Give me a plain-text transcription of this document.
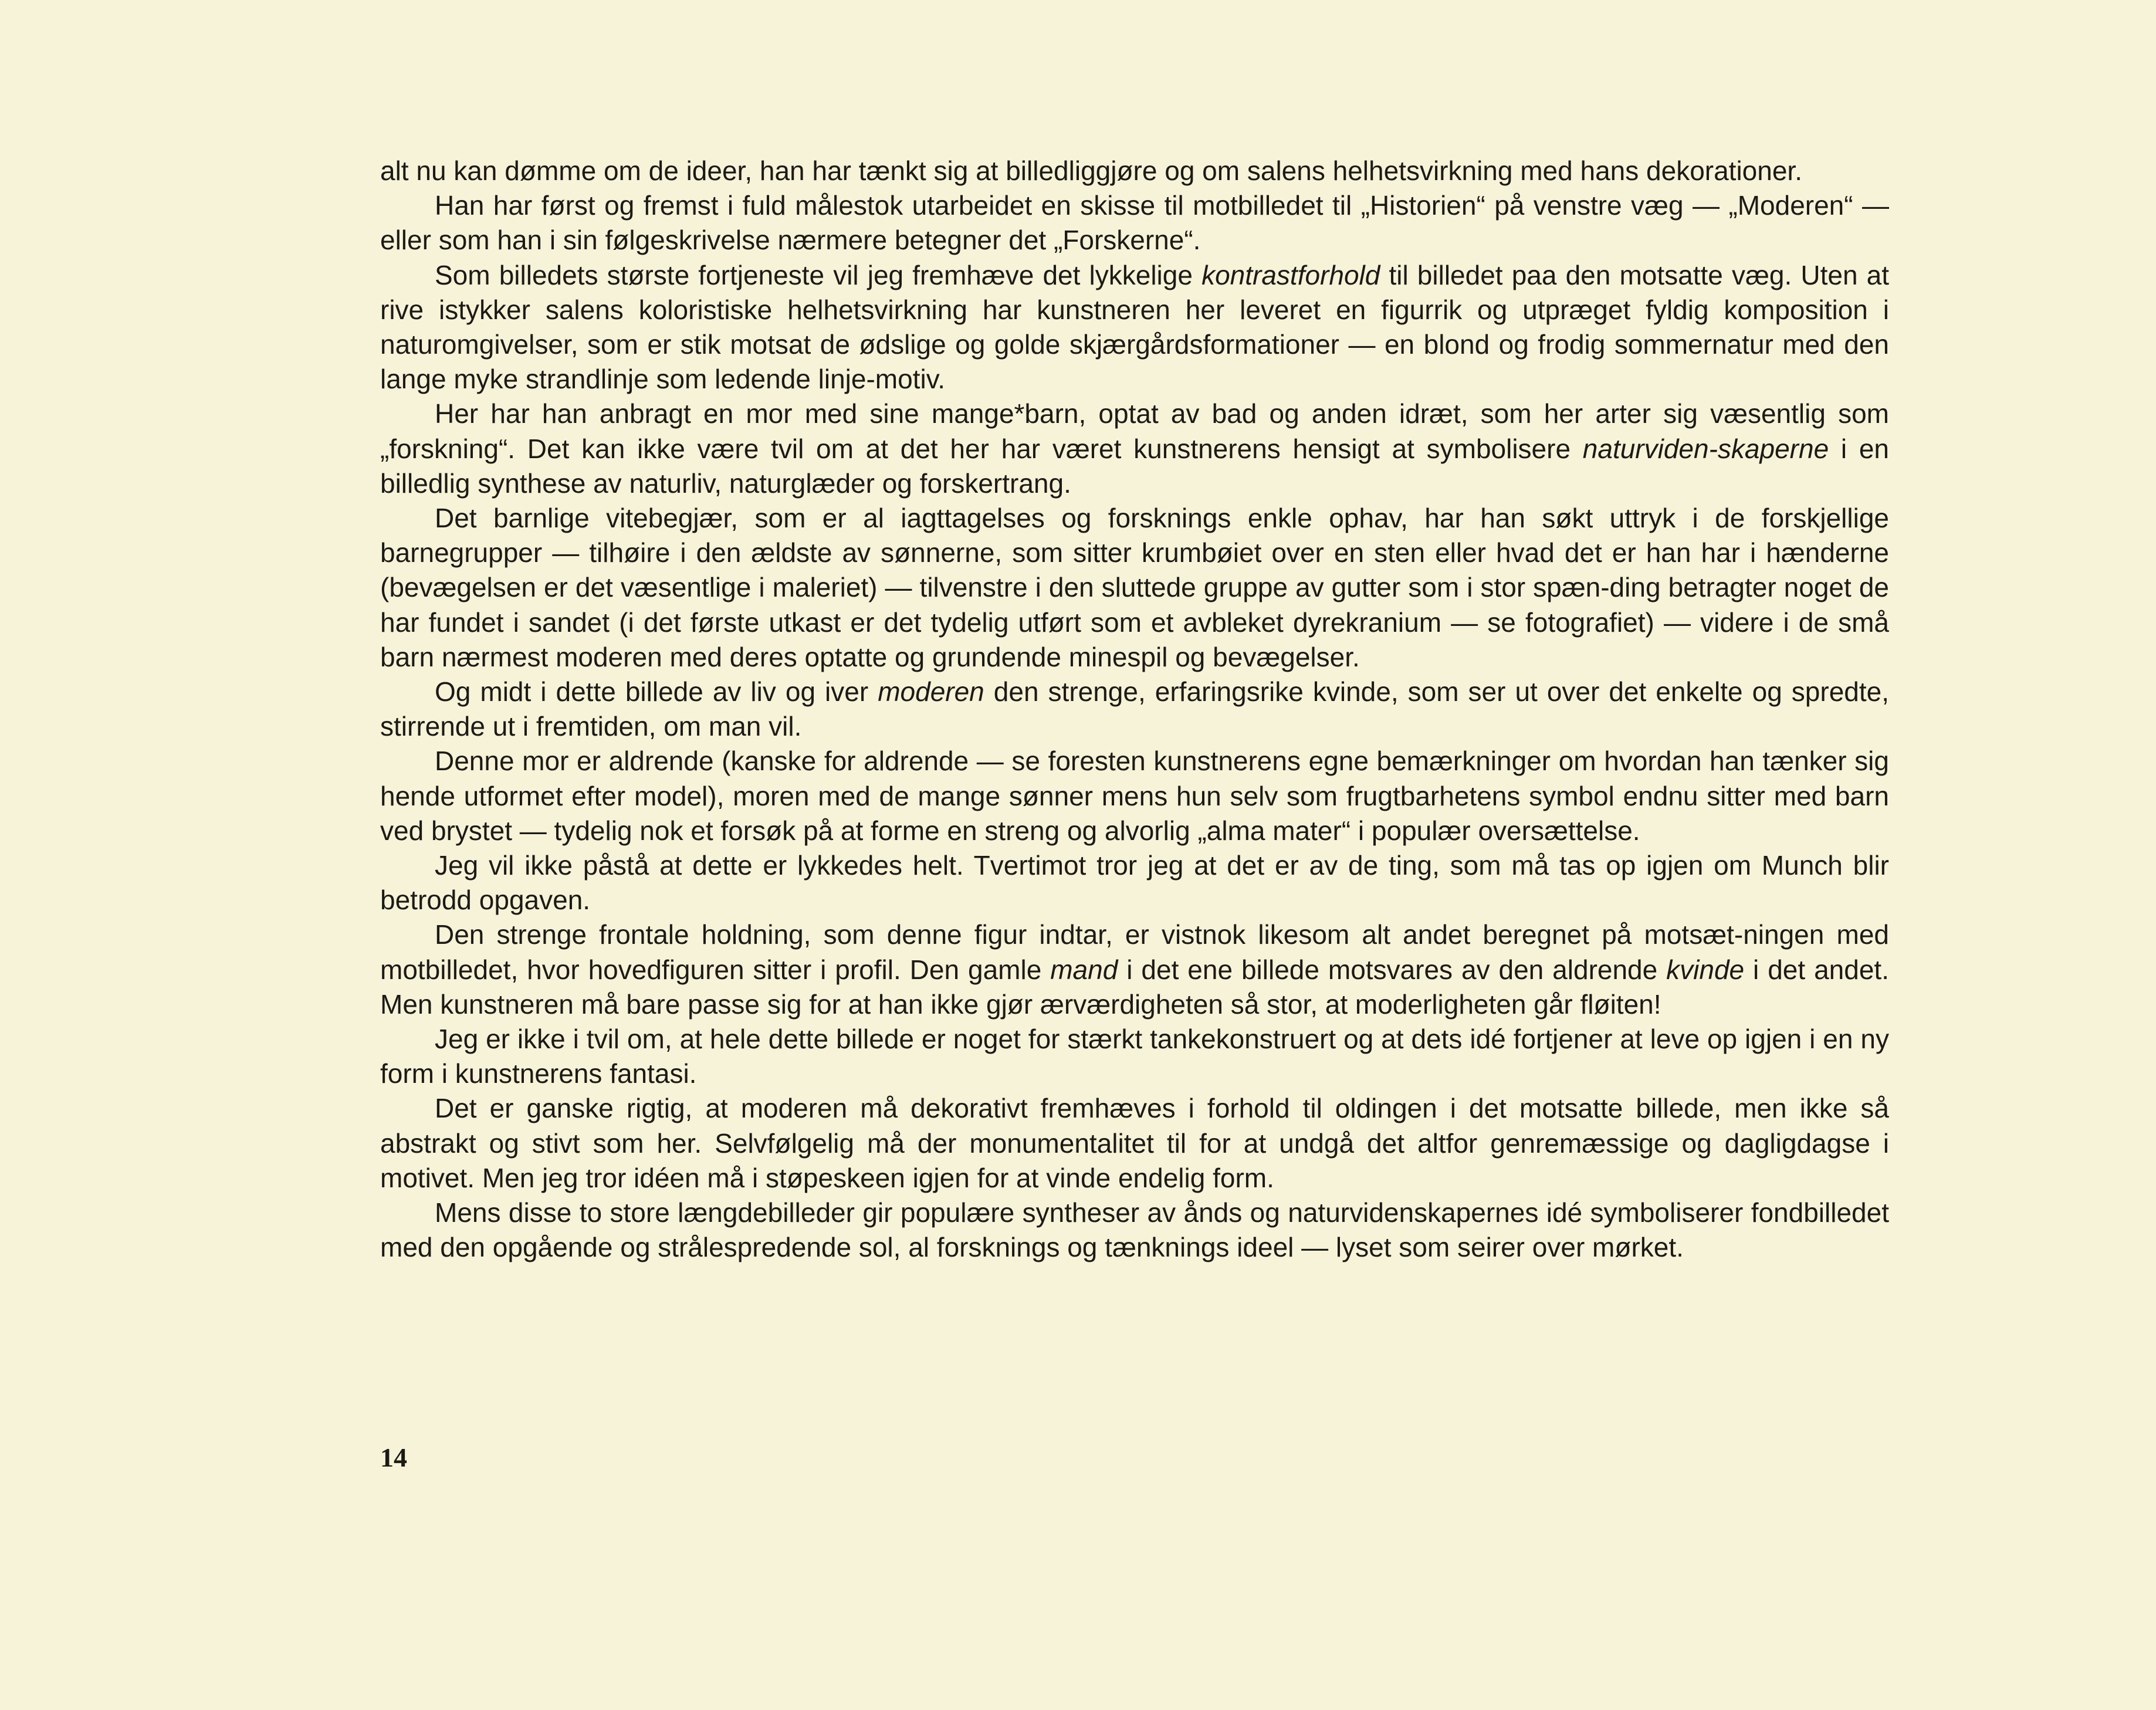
alt nu kan dømme om de ideer, han har tænkt sig at billedliggjøre og om salens helhetsvirkning med hans dekorationer.

Han har først og fremst i fuld målestok utarbeidet en skisse til motbilledet til „Historien“ på venstre væg — „Moderen“ — eller som han i sin følgeskrivelse nærmere betegner det „Forskerne“.

Som billedets største fortjeneste vil jeg fremhæve det lykkelige kontrastforhold til billedet paa den motsatte væg. Uten at rive istykker salens koloristiske helhetsvirkning har kunstneren her leveret en figurrik og utpræget fyldig komposition i naturomgivelser, som er stik motsat de ødslige og golde skjærgårdsformationer — en blond og frodig sommernatur med den lange myke strandlinje som ledende linje-motiv.

Her har han anbragt en mor med sine mange*barn, optat av bad og anden idræt, som her arter sig væsentlig som „forskning“. Det kan ikke være tvil om at det her har været kunstnerens hensigt at symbolisere naturviden-skaperne i en billedlig synthese av naturliv, naturglæder og forskertrang.

Det barnlige vitebegjær, som er al iagttagelses og forsknings enkle ophav, har han søkt uttryk i de forskjellige barnegrupper — tilhøire i den ældste av sønnerne, som sitter krumbøiet over en sten eller hvad det er han har i hænderne (bevægelsen er det væsentlige i maleriet) — tilvenstre i den sluttede gruppe av gutter som i stor spæn-ding betragter noget de har fundet i sandet (i det første utkast er det tydelig utført som et avbleket dyrekranium — se fotografiet) — videre i de små barn nærmest moderen med deres optatte og grundende minespil og bevægelser.

Og midt i dette billede av liv og iver moderen den strenge, erfaringsrike kvinde, som ser ut over det enkelte og spredte, stirrende ut i fremtiden, om man vil.

Denne mor er aldrende (kanske for aldrende — se foresten kunstnerens egne bemærkninger om hvordan han tænker sig hende utformet efter model), moren med de mange sønner mens hun selv som frugtbarhetens symbol endnu sitter med barn ved brystet — tydelig nok et forsøk på at forme en streng og alvorlig „alma mater“ i populær oversættelse.

Jeg vil ikke påstå at dette er lykkedes helt. Tvertimot tror jeg at det er av de ting, som må tas op igjen om Munch blir betrodd opgaven.

Den strenge frontale holdning, som denne figur indtar, er vistnok likesom alt andet beregnet på motsæt-ningen med motbilledet, hvor hovedfiguren sitter i profil. Den gamle mand i det ene billede motsvares av den aldrende kvinde i det andet. Men kunstneren må bare passe sig for at han ikke gjør ærværdigheten så stor, at moderligheten går fløiten!

Jeg er ikke i tvil om, at hele dette billede er noget for stærkt tankekonstruert og at dets idé fortjener at leve op igjen i en ny form i kunstnerens fantasi.

Det er ganske rigtig, at moderen må dekorativt fremhæves i forhold til oldingen i det motsatte billede, men ikke så abstrakt og stivt som her. Selvfølgelig må der monumentalitet til for at undgå det altfor genremæssige og dagligdagse i motivet. Men jeg tror idéen må i støpeskeen igjen for at vinde endelig form.

Mens disse to store længdebilleder gir populære syntheser av ånds og naturvidenskapernes idé symboliserer fondbilledet med den opgående og strålespredende sol, al forsknings og tænknings ideel — lyset som seirer over mørket.

14
